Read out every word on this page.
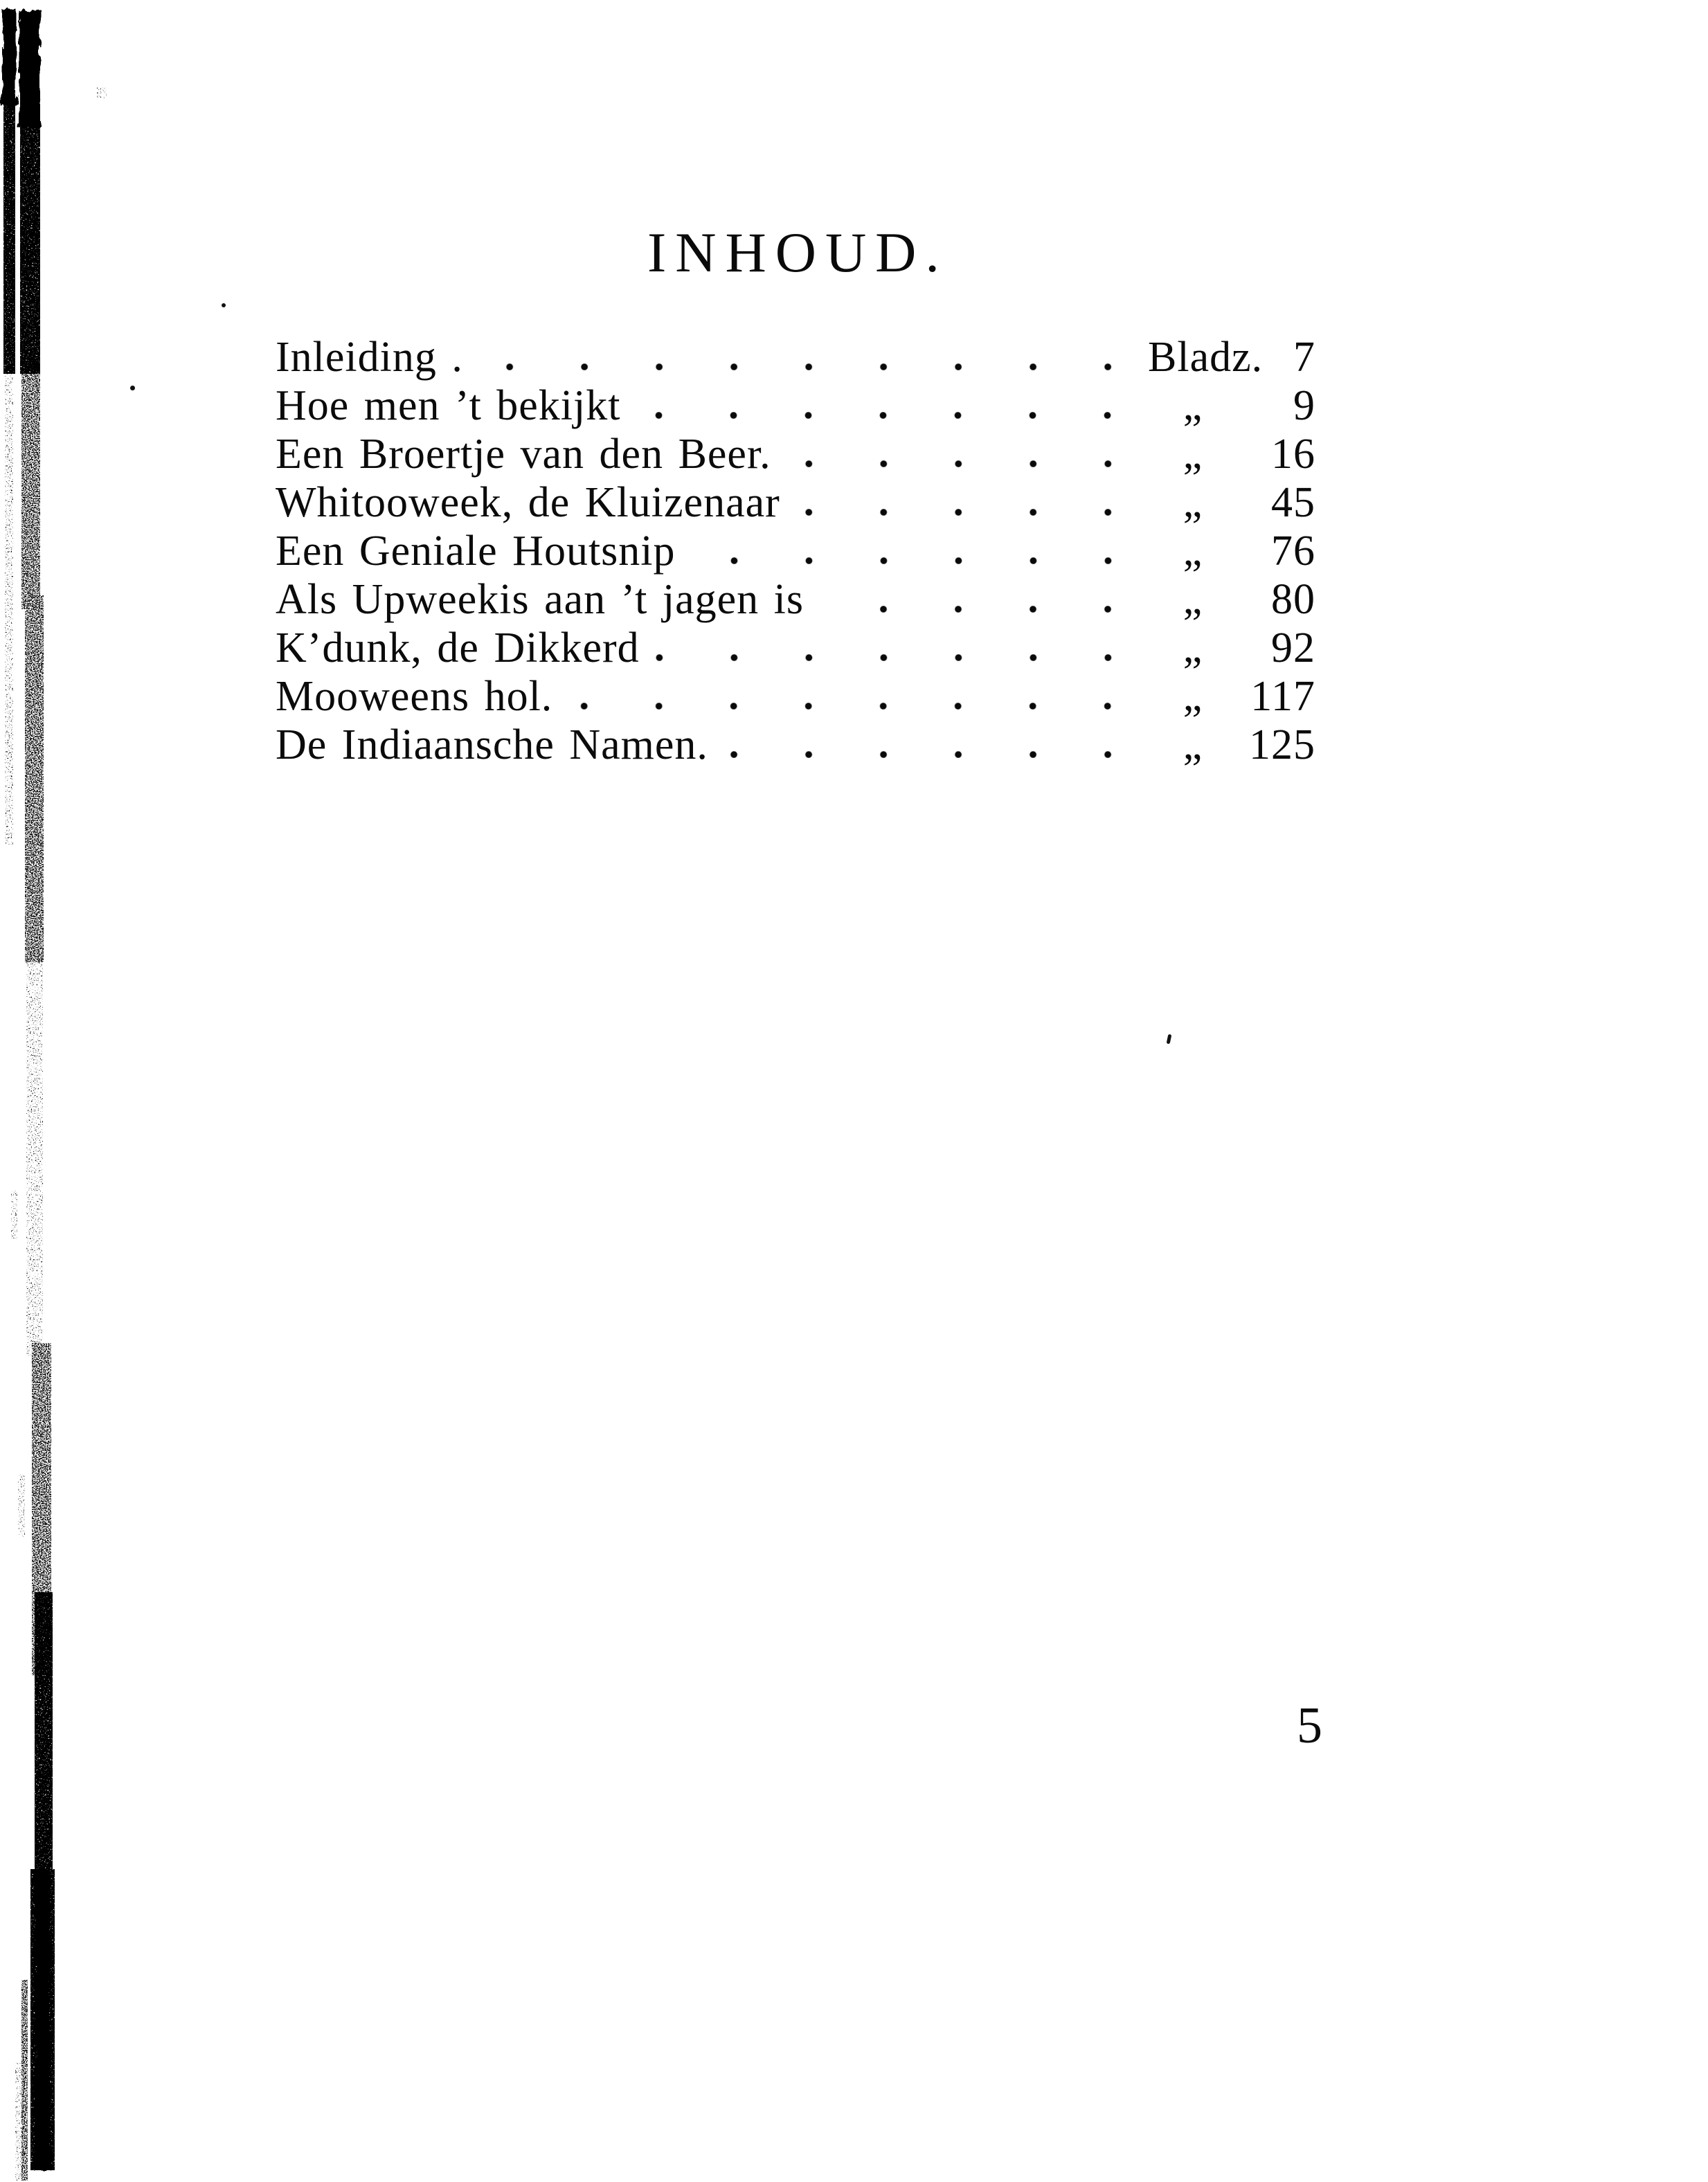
INHOUD.
Inleiding .	Bladz. 7
Hoe men ’t bekijkt	„	9
Een Broertje van den Beer.	„	16
Whitooweek, de Kluizenaar	„	45
Een Geniale Houtsnip	„	76
Als Upweekis aan ’t jagen is	„	80
K’dunk, de Dikkerd	„	92
Mooweens hol.	„	117
De Indiaansche Namen.	„	125
5
